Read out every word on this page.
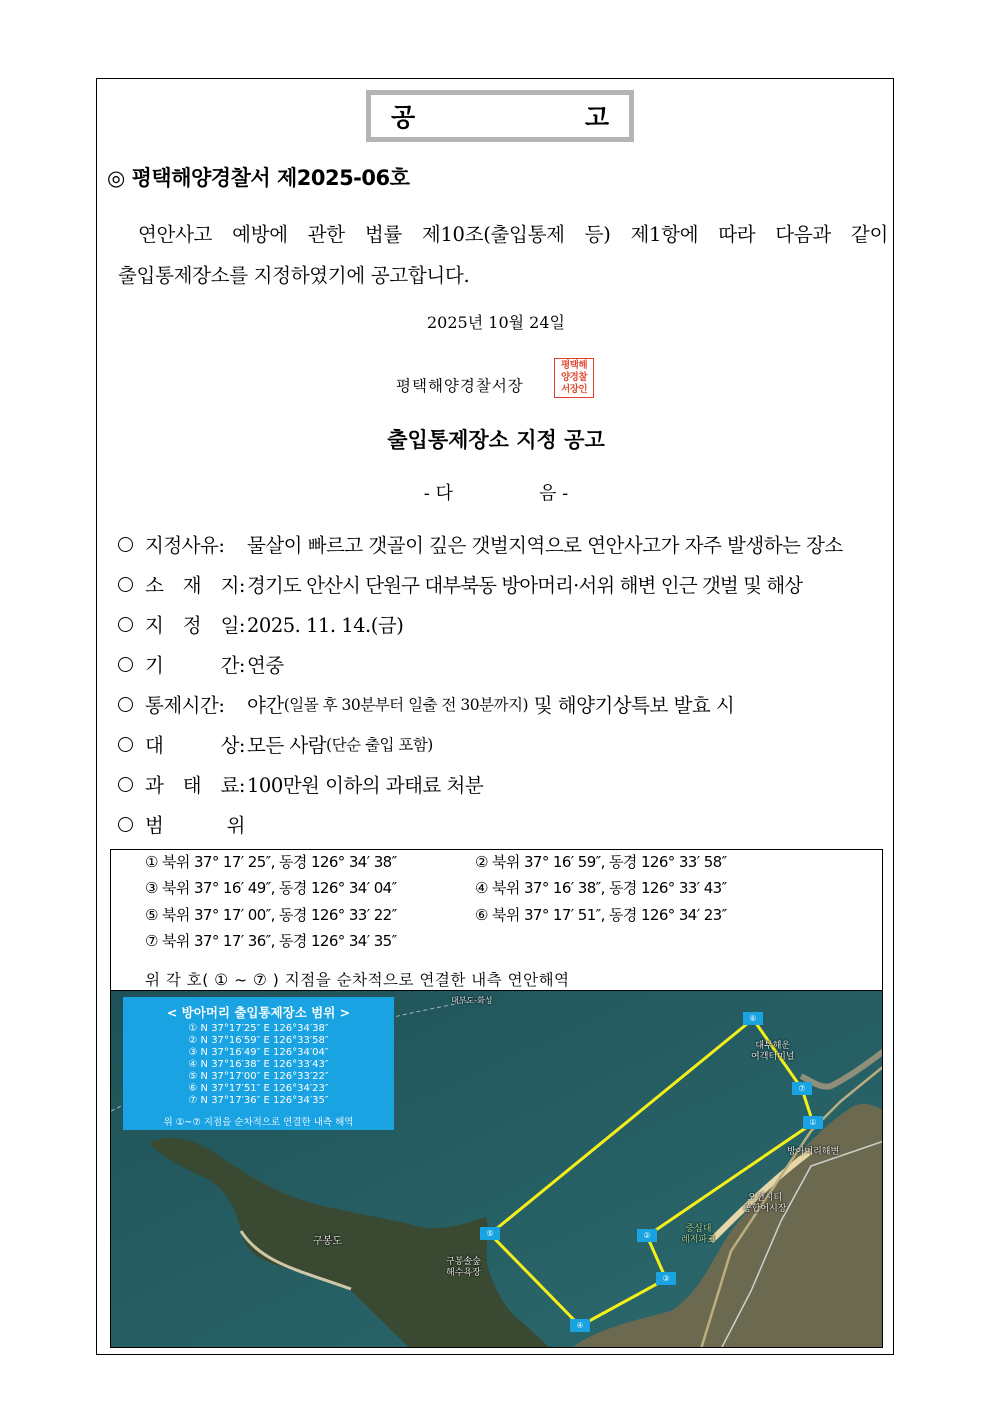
공	고
◎ 평택해양경찰서 제2025-06호
연안사고 예방에 관한 법률 제10조(출입통제 등) 제1항에 따라 다음과 같이
출입통제장소를 지정하였기에 공고합니다.
2025년 10월 24일
평택해양경찰서장
평택해
양경찰
서장인
출입통제장소 지정 공고
- 다	음 -
지정사유:	물살이 빠르고 갯골이 깊은 갯벌지역으로 연안사고가 자주 발생하는 장소
소 재 지: 경기도 안산시 단원구 대부북동 방아머리·서위 해변 인근 갯벌 및 해상
지 정 일: 2025. 11. 14.(금)
기 간: 연중
통제시간:	야간 (일몰 후 30분부터 일출 전 30분까지) 및 해양기상특보 발효 시
대 상: 모든 사람 (단순 출입 포함)
과 태 료: 100만원 이하의 과태료 처분
범 위
① 북위 37° 17′ 25″, 동경 126° 34′ 38″	② 북위 37° 16′ 59″, 동경 126° 33′ 58″
③ 북위 37° 16′ 49″, 동경 126° 34′ 04″	④ 북위 37° 16′ 38″, 동경 126° 33′ 43″
⑤ 북위 37° 17′ 00″, 동경 126° 33′ 22″	⑥ 북위 37° 17′ 51″, 동경 126° 34′ 23″
⑦ 북위 37° 17′ 36″, 동경 126° 34′ 35″
위 각 호( ① ~ ⑦ ) 지점을 순차적으로 연결한 내측 연안해역
< 방아머리 출입통제장소 범위 >
① N 37°17′25″ E 126°34′38″
② N 37°16′59″ E 126°33′58″
③ N 37°16′49″ E 126°34′04″
④ N 37°16′38″ E 126°33′43″
⑤ N 37°17′00″ E 126°33′22″
⑥ N 37°17′51″ E 126°34′23″
⑦ N 37°17′36″ E 126°34′35″
위 ①~⑦ 지점을 순차적으로 연결한 내측 해역
대부도-화성
대부해운
여객터미널
방아머리해변
오션시티
종합어시장
중심대
레저파크
구봉도
구봉솔숲
해수욕장
①
②
③
④
⑤
⑥
⑦
